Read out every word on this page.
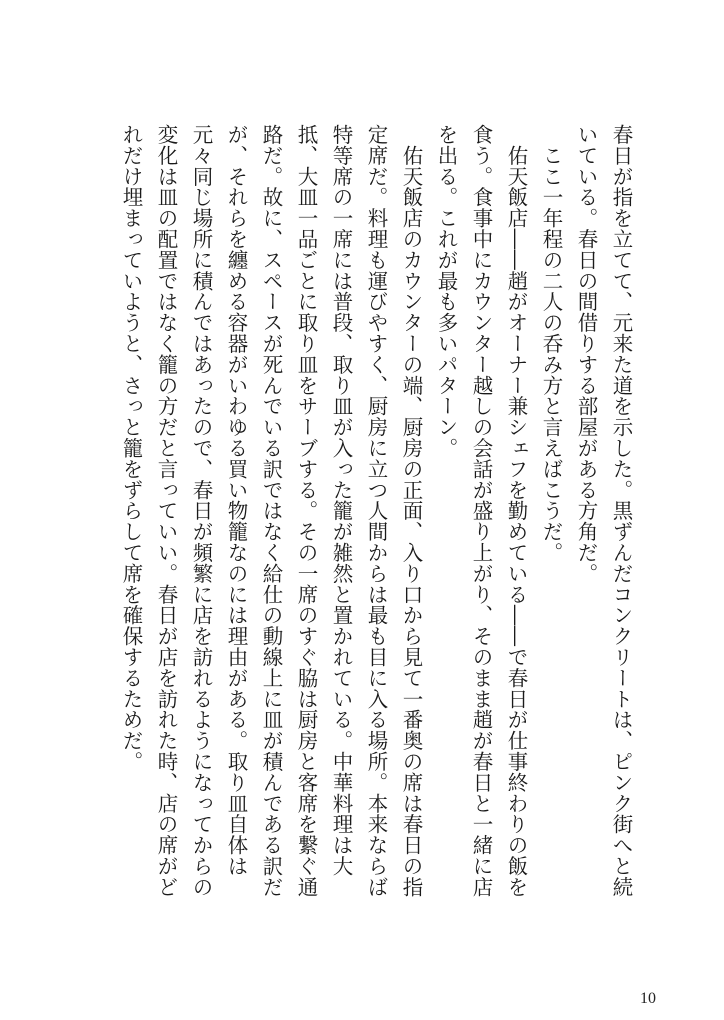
春日が指を立てて、元来た道を示した。黒ずんだコンクリートは、ピンク街へと続いている。春日の間借りする部屋がある方角だ。

　ここ一年程の二人の呑み方と言えばこうだ。

　佑天飯店――趙がオーナー兼シェフを勤めている――で春日が仕事終わりの飯を食う。食事中にカウンター越しの会話が盛り上がり、そのまま趙が春日と一緒に店を出る。これが最も多いパターン。

　佑天飯店のカウンターの端、厨房の正面、入り口から見て一番奥の席は春日の指定席だ。料理も運びやすく、厨房に立つ人間からは最も目に入る場所。本来ならば特等席の一席には普段、取り皿が入った籠が雑然と置かれている。中華料理は大抵、大皿一品ごとに取り皿をサーブする。その一席のすぐ脇は厨房と客席を繋ぐ通路だ。故に、スペースが死んでいる訳ではなく給仕の動線上に皿が積んである訳だが、それらを纏める容器がいわゆる買い物籠なのには理由がある。取り皿自体は元々同じ場所に積んではあったので、春日が頻繁に店を訪れるようになってからの変化は皿の配置ではなく籠の方だと言っていい。春日が店を訪れた時、店の席がどれだけ埋まっていようと、さっと籠をずらして席を確保するためだ。

10
